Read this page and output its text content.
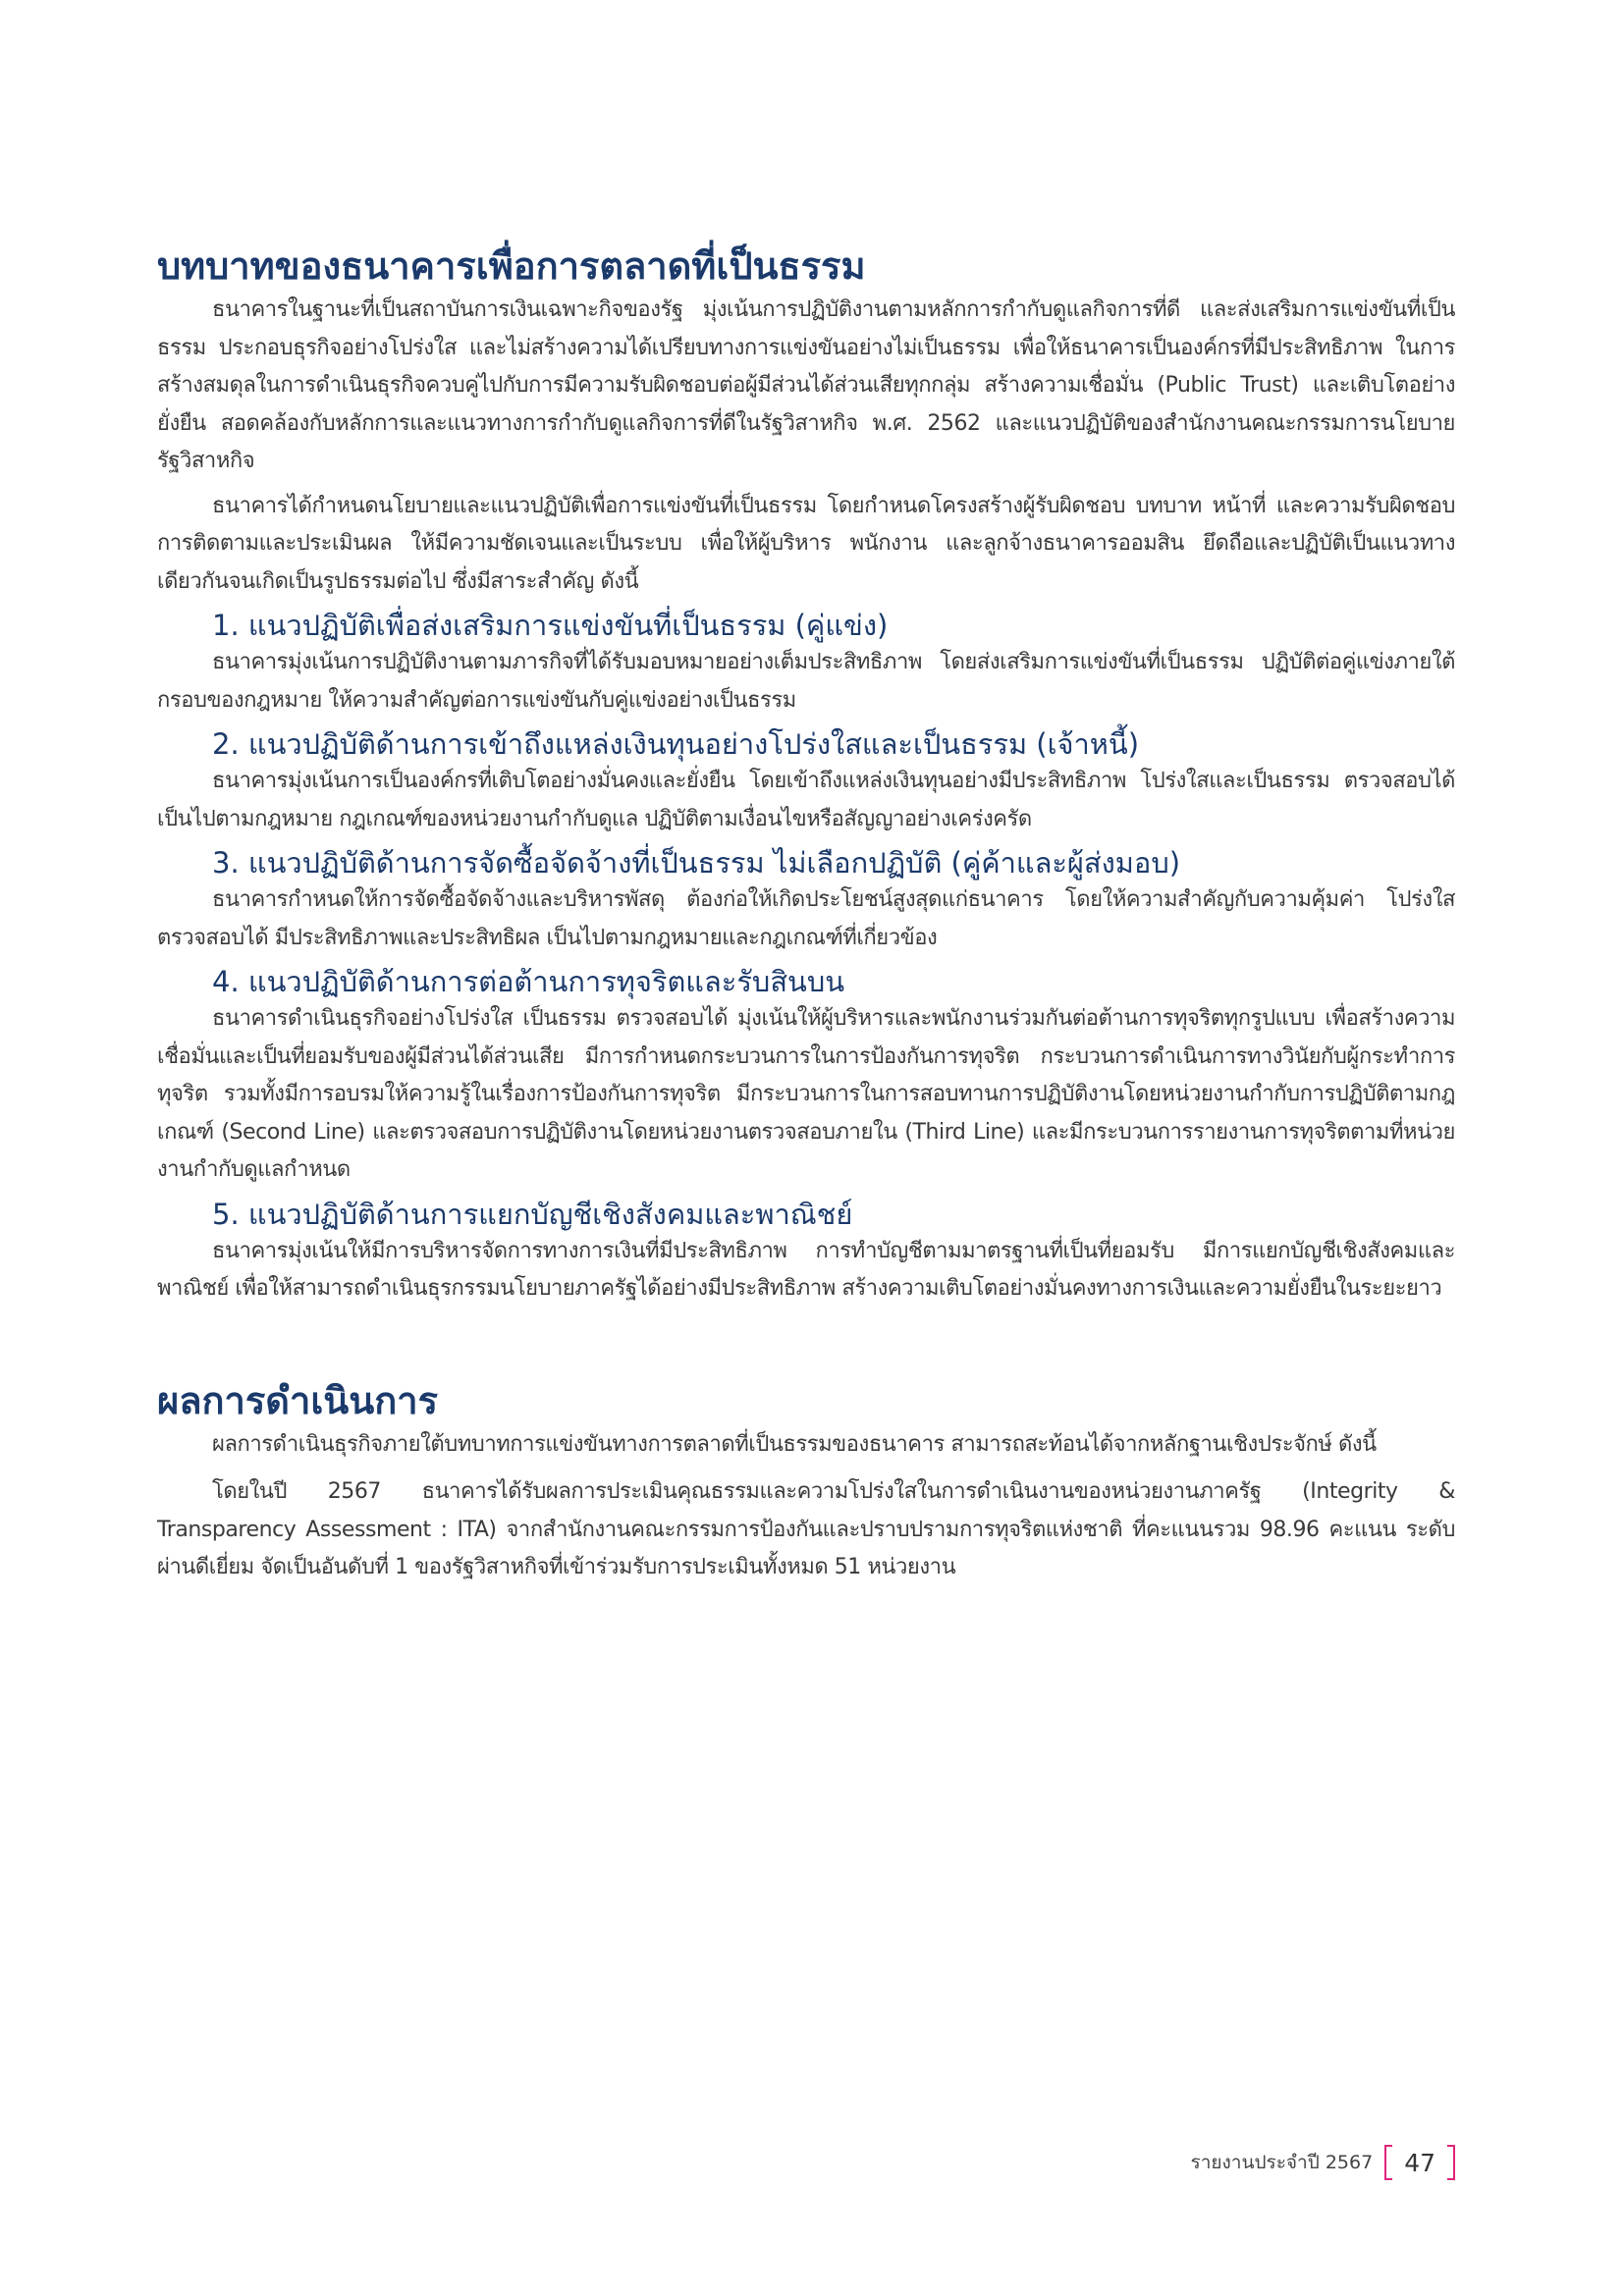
บทบาทของธนาคารเพื่อการตลาดที่เป็นธรรม

ธนาคารในฐานะที่เป็นสถาบันการเงินเฉพาะกิจของรัฐ มุ่งเน้นการปฏิบัติงานตามหลักการกำกับดูแลกิจการที่ดี และส่งเสริมการแข่งขันที่เป็นธรรม ประกอบธุรกิจอย่างโปร่งใส และไม่สร้างความได้เปรียบทางการแข่งขันอย่างไม่เป็นธรรม เพื่อให้ธนาคารเป็นองค์กรที่มีประสิทธิภาพ ในการสร้างสมดุลในการดำเนินธุรกิจควบคู่ไปกับการมีความรับผิดชอบต่อผู้มีส่วนได้ส่วนเสียทุกกลุ่ม สร้างความเชื่อมั่น (Public Trust) และเติบโตอย่างยั่งยืน สอดคล้องกับหลักการและแนวทางการกำกับดูแลกิจการที่ดีในรัฐวิสาหกิจ พ.ศ. 2562 และแนวปฏิบัติของสำนักงานคณะกรรมการนโยบายรัฐวิสาหกิจ

ธนาคารได้กำหนดนโยบายและแนวปฏิบัติเพื่อการแข่งขันที่เป็นธรรม โดยกำหนดโครงสร้างผู้รับผิดชอบ บทบาท หน้าที่ และความรับผิดชอบ การติดตามและประเมินผล ให้มีความชัดเจนและเป็นระบบ เพื่อให้ผู้บริหาร พนักงาน และลูกจ้างธนาคารออมสิน ยึดถือและปฏิบัติเป็นแนวทางเดียวกันจนเกิดเป็นรูปธรรมต่อไป ซึ่งมีสาระสำคัญ ดังนี้

1. แนวปฏิบัติเพื่อส่งเสริมการแข่งขันที่เป็นธรรม (คู่แข่ง)

ธนาคารมุ่งเน้นการปฏิบัติงานตามภารกิจที่ได้รับมอบหมายอย่างเต็มประสิทธิภาพ โดยส่งเสริมการแข่งขันที่เป็นธรรม ปฏิบัติต่อคู่แข่งภายใต้กรอบของกฎหมาย ให้ความสำคัญต่อการแข่งขันกับคู่แข่งอย่างเป็นธรรม

2. แนวปฏิบัติด้านการเข้าถึงแหล่งเงินทุนอย่างโปร่งใสและเป็นธรรม (เจ้าหนี้)

ธนาคารมุ่งเน้นการเป็นองค์กรที่เติบโตอย่างมั่นคงและยั่งยืน โดยเข้าถึงแหล่งเงินทุนอย่างมีประสิทธิภาพ โปร่งใสและเป็นธรรม ตรวจสอบได้ เป็นไปตามกฎหมาย กฎเกณฑ์ของหน่วยงานกำกับดูแล ปฏิบัติตามเงื่อนไขหรือสัญญาอย่างเคร่งครัด

3. แนวปฏิบัติด้านการจัดซื้อจัดจ้างที่เป็นธรรม ไม่เลือกปฏิบัติ (คู่ค้าและผู้ส่งมอบ)

ธนาคารกำหนดให้การจัดซื้อจัดจ้างและบริหารพัสดุ ต้องก่อให้เกิดประโยชน์สูงสุดแก่ธนาคาร โดยให้ความสำคัญกับความคุ้มค่า โปร่งใส ตรวจสอบได้ มีประสิทธิภาพและประสิทธิผล เป็นไปตามกฎหมายและกฎเกณฑ์ที่เกี่ยวข้อง

4. แนวปฏิบัติด้านการต่อต้านการทุจริตและรับสินบน

ธนาคารดำเนินธุรกิจอย่างโปร่งใส เป็นธรรม ตรวจสอบได้ มุ่งเน้นให้ผู้บริหารและพนักงานร่วมกันต่อต้านการทุจริตทุกรูปแบบ เพื่อสร้างความเชื่อมั่นและเป็นที่ยอมรับของผู้มีส่วนได้ส่วนเสีย มีการกำหนดกระบวนการในการป้องกันการทุจริต กระบวนการดำเนินการทางวินัยกับผู้กระทำการทุจริต รวมทั้งมีการอบรมให้ความรู้ในเรื่องการป้องกันการทุจริต มีกระบวนการในการสอบทานการปฏิบัติงานโดยหน่วยงานกำกับการปฏิบัติตามกฎเกณฑ์ (Second Line) และตรวจสอบการปฏิบัติงานโดยหน่วยงานตรวจสอบภายใน (Third Line) และมีกระบวนการรายงานการทุจริตตามที่หน่วยงานกำกับดูแลกำหนด

5. แนวปฏิบัติด้านการแยกบัญชีเชิงสังคมและพาณิชย์

ธนาคารมุ่งเน้นให้มีการบริหารจัดการทางการเงินที่มีประสิทธิภาพ การทำบัญชีตามมาตรฐานที่เป็นที่ยอมรับ มีการแยกบัญชีเชิงสังคมและพาณิชย์ เพื่อให้สามารถดำเนินธุรกรรมนโยบายภาครัฐได้อย่างมีประสิทธิภาพ สร้างความเติบโตอย่างมั่นคงทางการเงินและความยั่งยืนในระยะยาว

ผลการดำเนินการ

ผลการดำเนินธุรกิจภายใต้บทบาทการแข่งขันทางการตลาดที่เป็นธรรมของธนาคาร สามารถสะท้อนได้จากหลักฐานเชิงประจักษ์ ดังนี้

โดยในปี 2567 ธนาคารได้รับผลการประเมินคุณธรรมและความโปร่งใสในการดำเนินงานของหน่วยงานภาครัฐ (Integrity & Transparency Assessment : ITA) จากสำนักงานคณะกรรมการป้องกันและปราบปรามการทุจริตแห่งชาติ ที่คะแนนรวม 98.96 คะแนน ระดับ ผ่านดีเยี่ยม จัดเป็นอันดับที่ 1 ของรัฐวิสาหกิจที่เข้าร่วมรับการประเมินทั้งหมด 51 หน่วยงาน

รายงานประจำปี 2567 47
